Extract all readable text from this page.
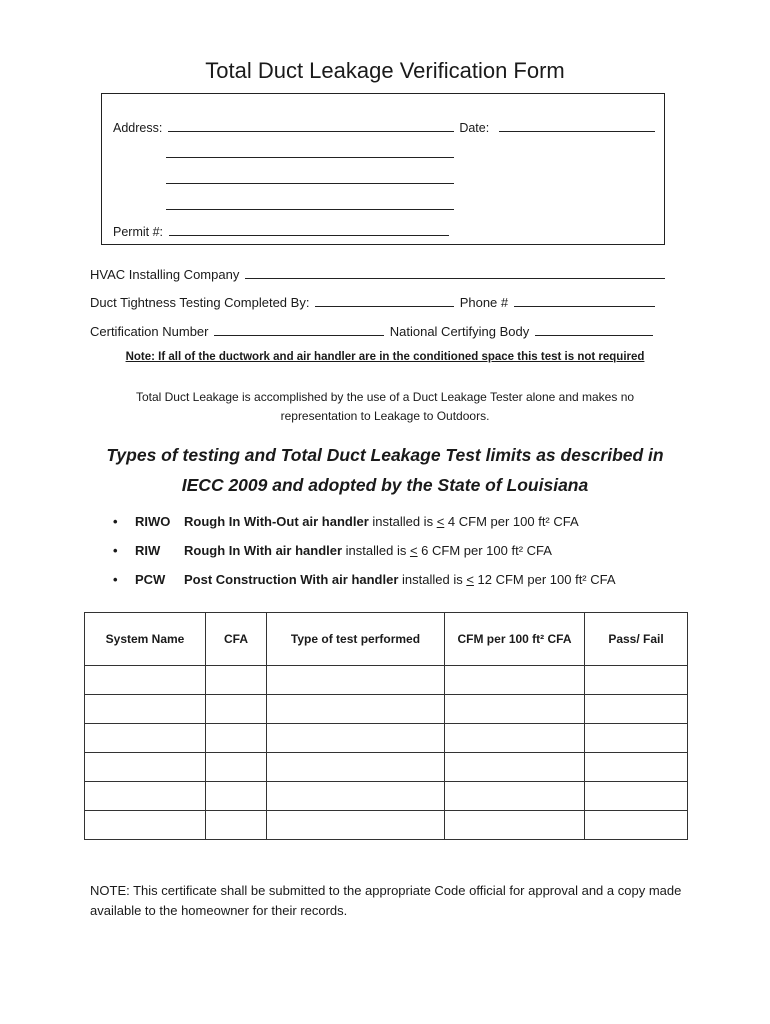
Total Duct Leakage Verification Form
Address:	Date:
Permit #:
HVAC Installing Company
Duct Tightness Testing Completed By:	Phone #
Certification Number	National Certifying Body
Note: If all of the ductwork and air handler are in the conditioned space this test is not required
Total Duct Leakage is accomplished by the use of a Duct Leakage Tester alone and makes no
representation to Leakage to Outdoors.
Types of testing and Total Duct Leakage Test limits as described in
IECC 2009 and adopted by the State of Louisiana
• RIWO Rough In With-Out air handler installed is ≤ 4 CFM per 100 ft² CFA
• RIW Rough In With air handler installed is ≤ 6 CFM per 100 ft² CFA
• PCW Post Construction With air handler installed is ≤ 12 CFM per 100 ft² CFA
System Name	CFA	Type of test performed	CFM per 100 ft² CFA	Pass/ Fail

NOTE: This certificate shall be submitted to the appropriate Code official for approval and a copy made available to the homeowner for their records.
